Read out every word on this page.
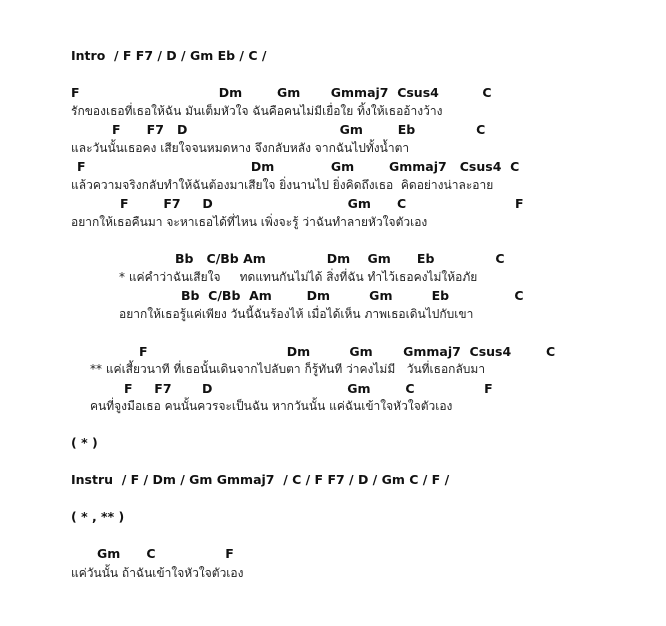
Intro  / F F7 / D / Gm Eb / C /
F                                Dm        Gm       Gmmaj7  Csus4          C
รักของเธอที่เธอให้ฉัน มันเต็มหัวใจ ฉันคือคนไม่มีเยื่อใย ทิ้งให้เธออ้างว้าง
F      F7   D                                   Gm        Eb              C
และวันนั้นเธอคง เสียใจจนหมดหาง จึงกลับหลัง จากฉันไปทั้งน้ำตา
F                                      Dm             Gm        Gmmaj7   Csus4  C
แล้วความจริงกลับทำให้ฉันต้องมาเสียใจ ยิ่งนานไป ยิ่งคิดถึงเธอ  คิดอย่างน่าละอาย
F        F7     D                               Gm      C                         F
อยากให้เธอคืนมา จะหาเธอได้ที่ไหน เพิ่งจะรู้ ว่าฉันทำลายหัวใจตัวเอง
Bb   C/Bb Am              Dm    Gm      Eb              C
* แค่คำว่าฉันเสียใจ     ทดแทนกันไม่ได้ สิ่งที่ฉัน ทำไว้เธอคงไม่ให้อภัย
Bb  C/Bb  Am        Dm         Gm         Eb               C
อยากให้เธอรู้แค่เพียง วันนี้ฉันร้องไห้ เมื่อได้เห็น ภาพเธอเดินไปกับเขา
F                                Dm         Gm       Gmmaj7  Csus4        C
** แค่เสี้ยวนาที ที่เธอนั้นเดินจากไปลับตา ก็รู้ทันที ว่าคงไม่มี   วันที่เธอกลับมา
F     F7       D                               Gm        C                F
คนที่จูงมือเธอ คนนั้นควรจะเป็นฉัน หากวันนั้น แค่ฉันเข้าใจหัวใจตัวเอง
( * )
Instru  / F / Dm / Gm Gmmaj7  / C / F F7 / D / Gm C / F /
( * , ** )
Gm      C                F
แค่วันนั้น ถ้าฉันเข้าใจหัวใจตัวเอง
